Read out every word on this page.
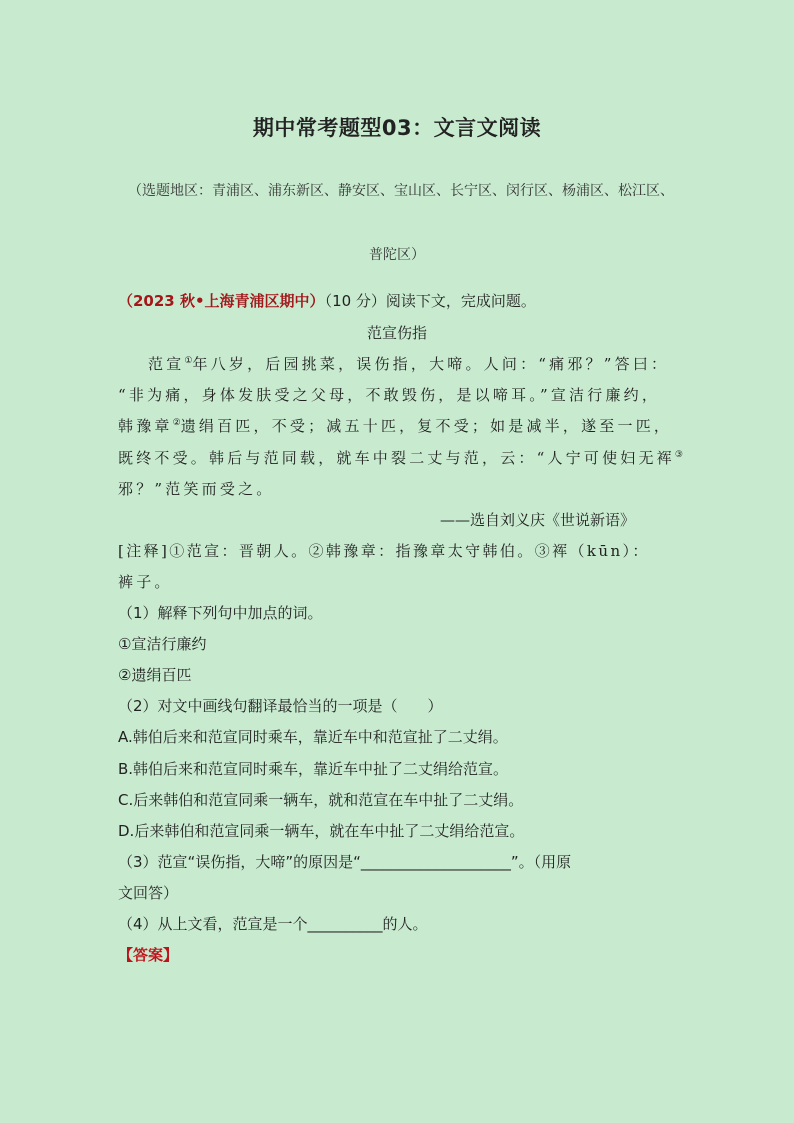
期中常考题型03：文言文阅读
（选题地区：青浦区、浦东新区、静安区、宝山区、长宁区、闵行区、杨浦区、松江区、
普陀区）
（2023 秋•上海青浦区期中）（10 分）阅读下文，完成问题。
范宣伤指
范宣①年八岁，后园挑菜，误伤指，大啼。人问：“痛邪？”答曰：
“非为痛，身体发肤受之父母，不敢毁伤，是以啼耳。”宣洁行廉约，
韩豫章②遗绢百匹，不受；减五十匹，复不受；如是减半，遂至一匹，
既终不受。韩后与范同载，就车中裂二丈与范，云：“人宁可使妇无裈③
邪？”范笑而受之。
——选自刘义庆《世说新语》
[注释]①范宣：晋朝人。②韩豫章：指豫章太守韩伯。③裈（kūn）：
裤子。
（1）解释下列句中加点的词。
①宣洁行廉约
②遗绢百匹
（2）对文中画线句翻译最恰当的一项是（　　）
A.韩伯后来和范宣同时乘车，靠近车中和范宣扯了二丈绢。
B.韩伯后来和范宣同时乘车，靠近车中扯了二丈绢给范宣。
C.后来韩伯和范宣同乘一辆车，就和范宣在车中扯了二丈绢。
D.后来韩伯和范宣同乘一辆车，就在车中扯了二丈绢给范宣。
（3）范宣“误伤指，大啼”的原因是“____________________”。（用原
文回答）
（4）从上文看，范宣是一个__________的人。
【答案】
